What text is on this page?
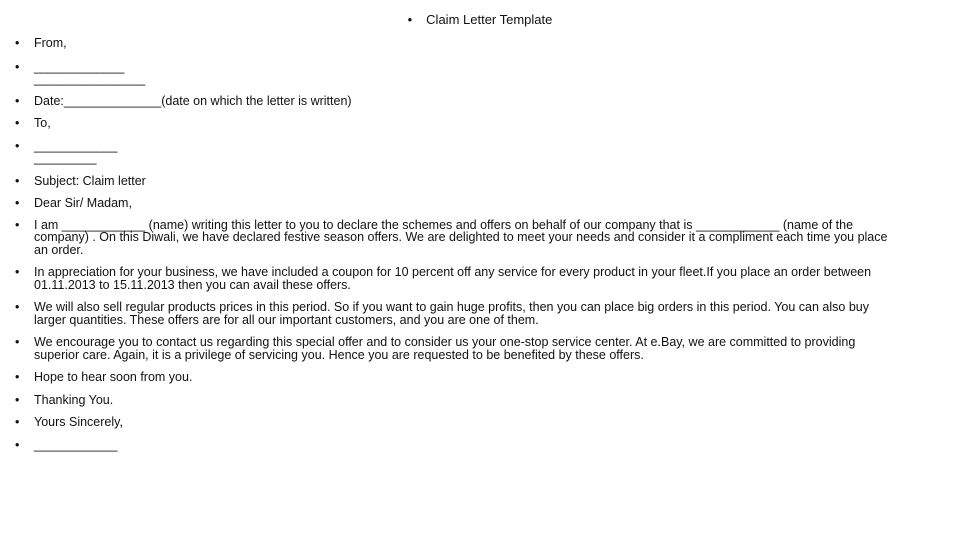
• Claim Letter Template
• From,
• _____________
________________
• Date:______________(date on which the letter is written)
• To,
• ____________
_________
• Subject: Claim letter
• Dear Sir/ Madam,
• I am ____________ (name) writing this letter to you to declare the schemes and offers on behalf of our company that is ____________ (name of the company) . On this Diwali, we have declared festive season offers. We are delighted to meet your needs and consider it a compliment each time you place an order.
• In appreciation for your business, we have included a coupon for 10 percent off any service for every product in your fleet.If you place an order between 01.11.2013 to 15.11.2013 then you can avail these offers.
• We will also sell regular products prices in this period. So if you want to gain huge profits, then you can place big orders in this period. You can also buy larger quantities. These offers are for all our important customers, and you are one of them.
• We encourage you to contact us regarding this special offer and to consider us your one-stop service center. At e.Bay, we are committed to providing superior care. Again, it is a privilege of servicing you. Hence you are requested to be benefited by these offers.
• Hope to hear soon from you.
• Thanking You.
• Yours Sincerely,
• ____________
